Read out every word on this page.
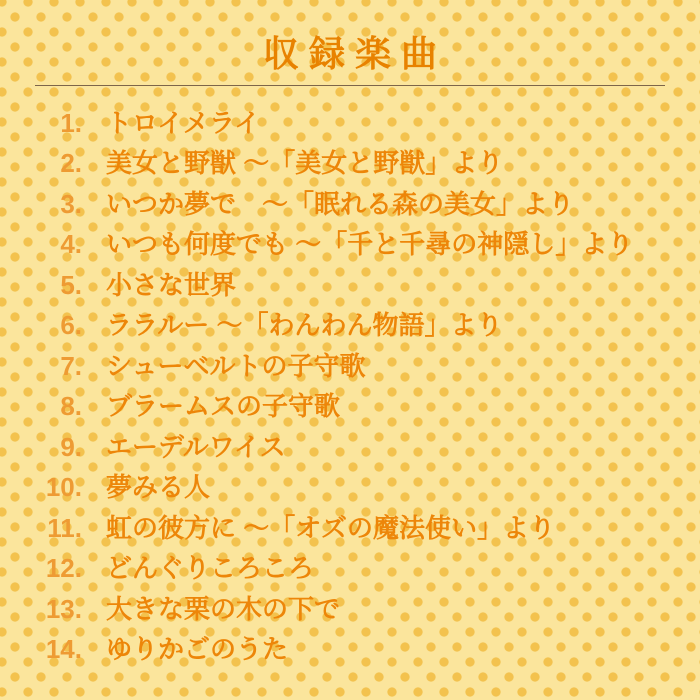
収録楽曲
1. トロイメライ
2. 美女と野獣 〜「美女と野獣」より
3. いつか夢で　〜「眠れる森の美女」より
4. いつも何度でも 〜「千と千尋の神隠し」より
5. 小さな世界
6. ララルー 〜「わんわん物語」より
7. シューベルトの子守歌
8. ブラームスの子守歌
9. エーデルワイス
10. 夢みる人
11. 虹の彼方に 〜「オズの魔法使い」より
12. どんぐりころころ
13. 大きな栗の木の下で
14. ゆりかごのうた
